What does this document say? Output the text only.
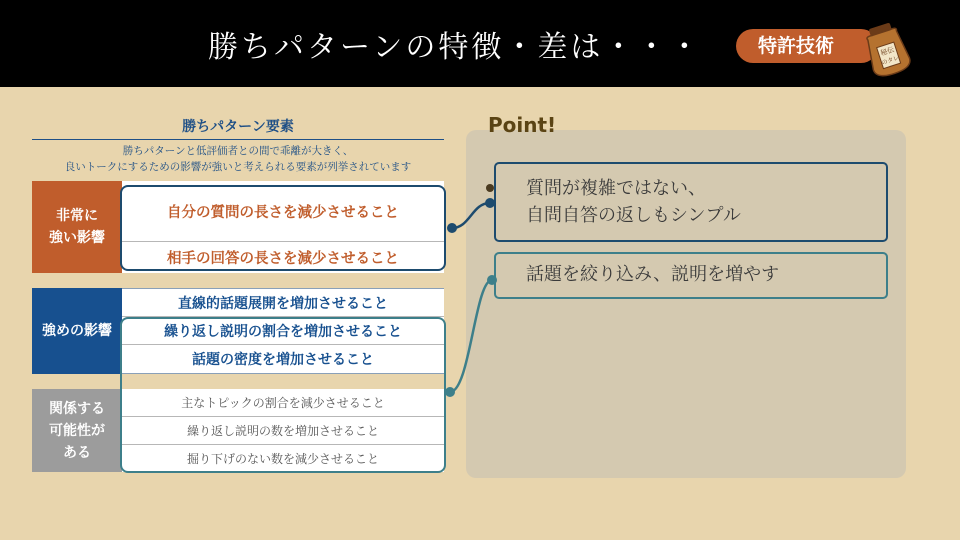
勝ちパターンの特徴・差は・・・	特許技術	秘伝
のタレ
勝ちパターン要素
勝ちパターンと低評価者との間で乖離が大きく、
良いトークにするための影響が強いと考えられる要素が列挙されています
非常に
強い影響
自分の質問の長さを減少させること
相手の回答の長さを減少させること
強めの影響
直線的話題展開を増加させること
繰り返し説明の割合を増加させること
話題の密度を増加させること
関係する
可能性が
ある
主なトピックの割合を減少させること
繰り返し説明の数を増加させること
掘り下げのない数を減少させること
Point!
質問が複雑ではない、
自問自答の返しもシンプル
話題を絞り込み、説明を増やす
